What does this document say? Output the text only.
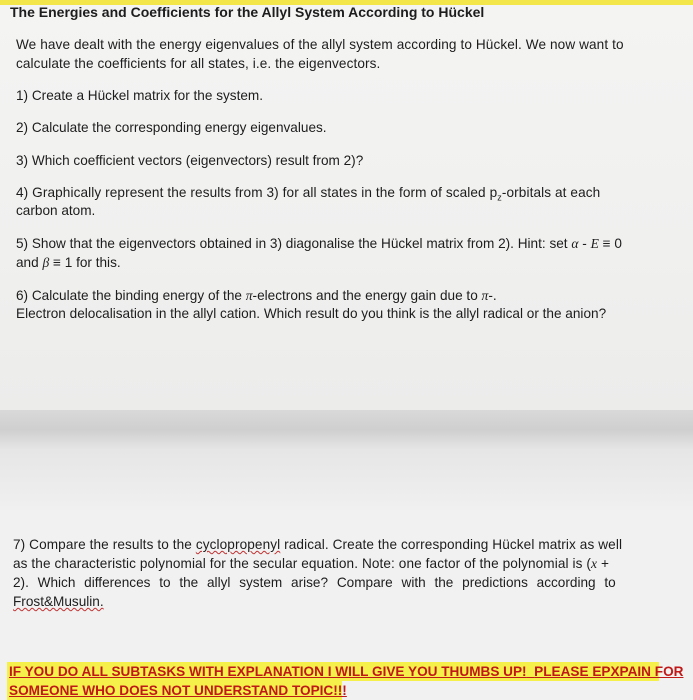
The Energies and Coefficients for the Allyl System According to Hückel
We have dealt with the energy eigenvalues of the allyl system according to Hückel. We now want to
calculate the coefficients for all states, i.e. the eigenvectors.
1) Create a Hückel matrix for the system.
2) Calculate the corresponding energy eigenvalues.
3) Which coefficient vectors (eigenvectors) result from 2)?
4) Graphically represent the results from 3) for all states in the form of scaled $p_z$-orbitals at each
carbon atom.
5) Show that the eigenvectors obtained in 3) diagonalise the Hückel matrix from 2). Hint: set α - E ≡ 0
and β ≡ 1 for this.
6) Calculate the binding energy of the π-electrons and the energy gain due to π-.
Electron delocalisation in the allyl cation. Which result do you think is the allyl radical or the anion?
7) Compare the results to the cyclopropenyl radical. Create the corresponding Hückel matrix as well
as the characteristic polynomial for the secular equation. Note: one factor of the polynomial is (x +
2). Which differences to the allyl system arise? Compare with the predictions according to
Frost&Musulin.
IF YOU DO ALL SUBTASKS WITH EXPLANATION I WILL GIVE YOU THUMBS UP! PLEASE EPXPAIN FOR
SOMEONE WHO DOES NOT UNDERSTAND TOPIC!!!
